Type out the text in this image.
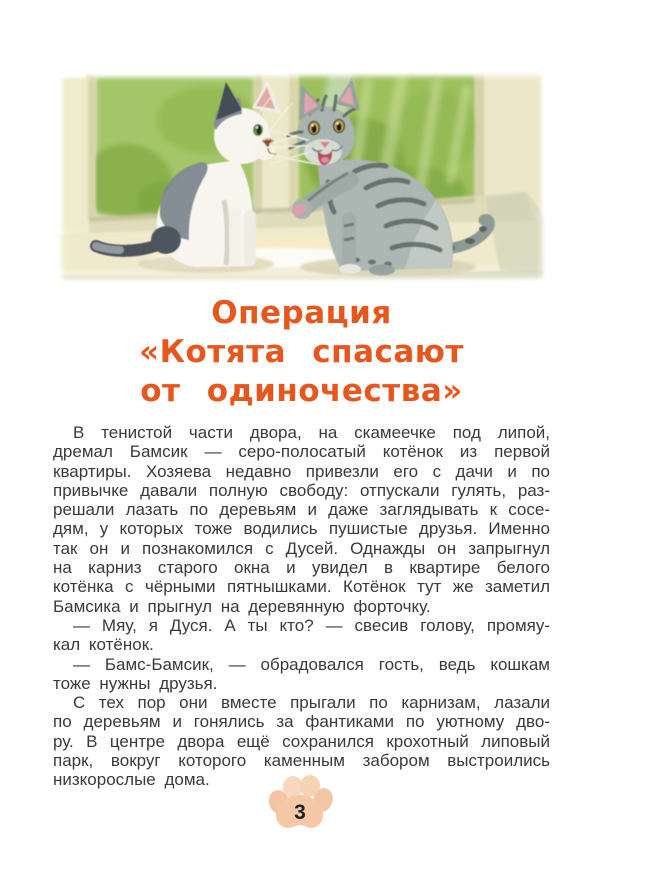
Операция
«Котята спасают
от одиночества»
В тенистой части двора, на скамеечке под липой,
дремал Бамсик — серо-полосатый котёнок из первой
квартиры. Хозяева недавно привезли его с дачи и по
привычке давали полную свободу: отпускали гулять, раз-
решали лазать по деревьям и даже заглядывать к сосе-
дям, у которых тоже водились пушистые друзья. Именно
так он и познакомился с Дусей. Однажды он запрыгнул
на карниз старого окна и увидел в квартире белого
котёнка с чёрными пятнышками. Котёнок тут же заметил
Бамсика и прыгнул на деревянную форточку.
— Мяу, я Дуся. А ты кто? — свесив голову, промяу-
кал котёнок.
— Бамс-Бамсик, — обрадовался гость, ведь кошкам
тоже нужны друзья.
С тех пор они вместе прыгали по карнизам, лазали
по деревьям и гонялись за фантиками по уютному дво-
ру. В центре двора ещё сохранился крохотный липовый
парк, вокруг которого каменным забором выстроились
низкорослые дома.
3
